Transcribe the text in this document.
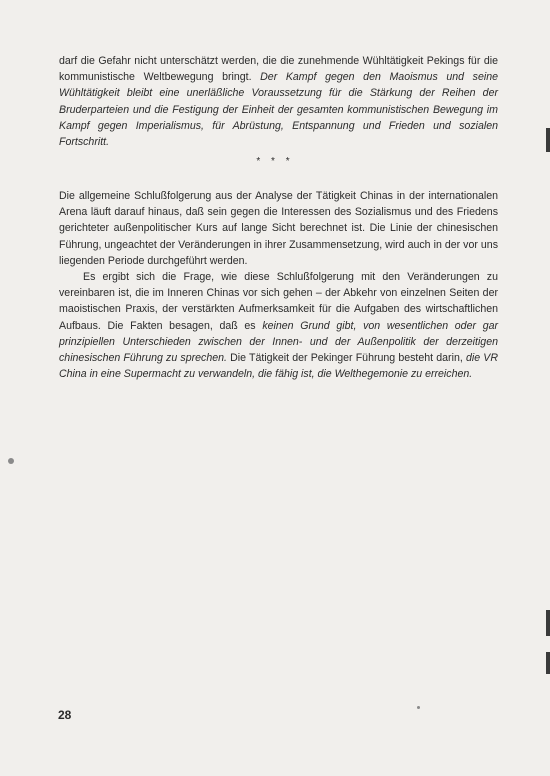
darf die Gefahr nicht unterschätzt werden, die die zunehmende Wühltätigkeit Pekings für die kommunistische Weltbewegung bringt. Der Kampf gegen den Maoismus und seine Wühltätigkeit bleibt eine unerläßliche Voraussetzung für die Stärkung der Reihen der Bruderparteien und die Festigung der Einheit der gesamten kommunistischen Bewegung im Kampf gegen Imperialismus, für Abrüstung, Entspannung und Frieden und sozialen Fortschritt.

* * *

Die allgemeine Schlußfolgerung aus der Analyse der Tätigkeit Chinas in der internationalen Arena läuft darauf hinaus, daß sein gegen die Interessen des Sozialismus und des Friedens gerichteter außenpolitischer Kurs auf lange Sicht berechnet ist. Die Linie der chinesischen Führung, ungeachtet der Veränderungen in ihrer Zusammensetzung, wird auch in der vor uns liegenden Periode durchgeführt werden.

Es ergibt sich die Frage, wie diese Schlußfolgerung mit den Veränderungen zu vereinbaren ist, die im Inneren Chinas vor sich gehen – der Abkehr von einzelnen Seiten der maoistischen Praxis, der verstärkten Aufmerksamkeit für die Aufgaben des wirtschaftlichen Aufbaus. Die Fakten besagen, daß es keinen Grund gibt, von wesentlichen oder gar prinzipiellen Unterschieden zwischen der Innen- und der Außenpolitik der derzeitigen chinesischen Führung zu sprechen. Die Tätigkeit der Pekinger Führung besteht darin, die VR China in eine Supermacht zu verwandeln, die fähig ist, die Welthegemonie zu erreichen.

28
